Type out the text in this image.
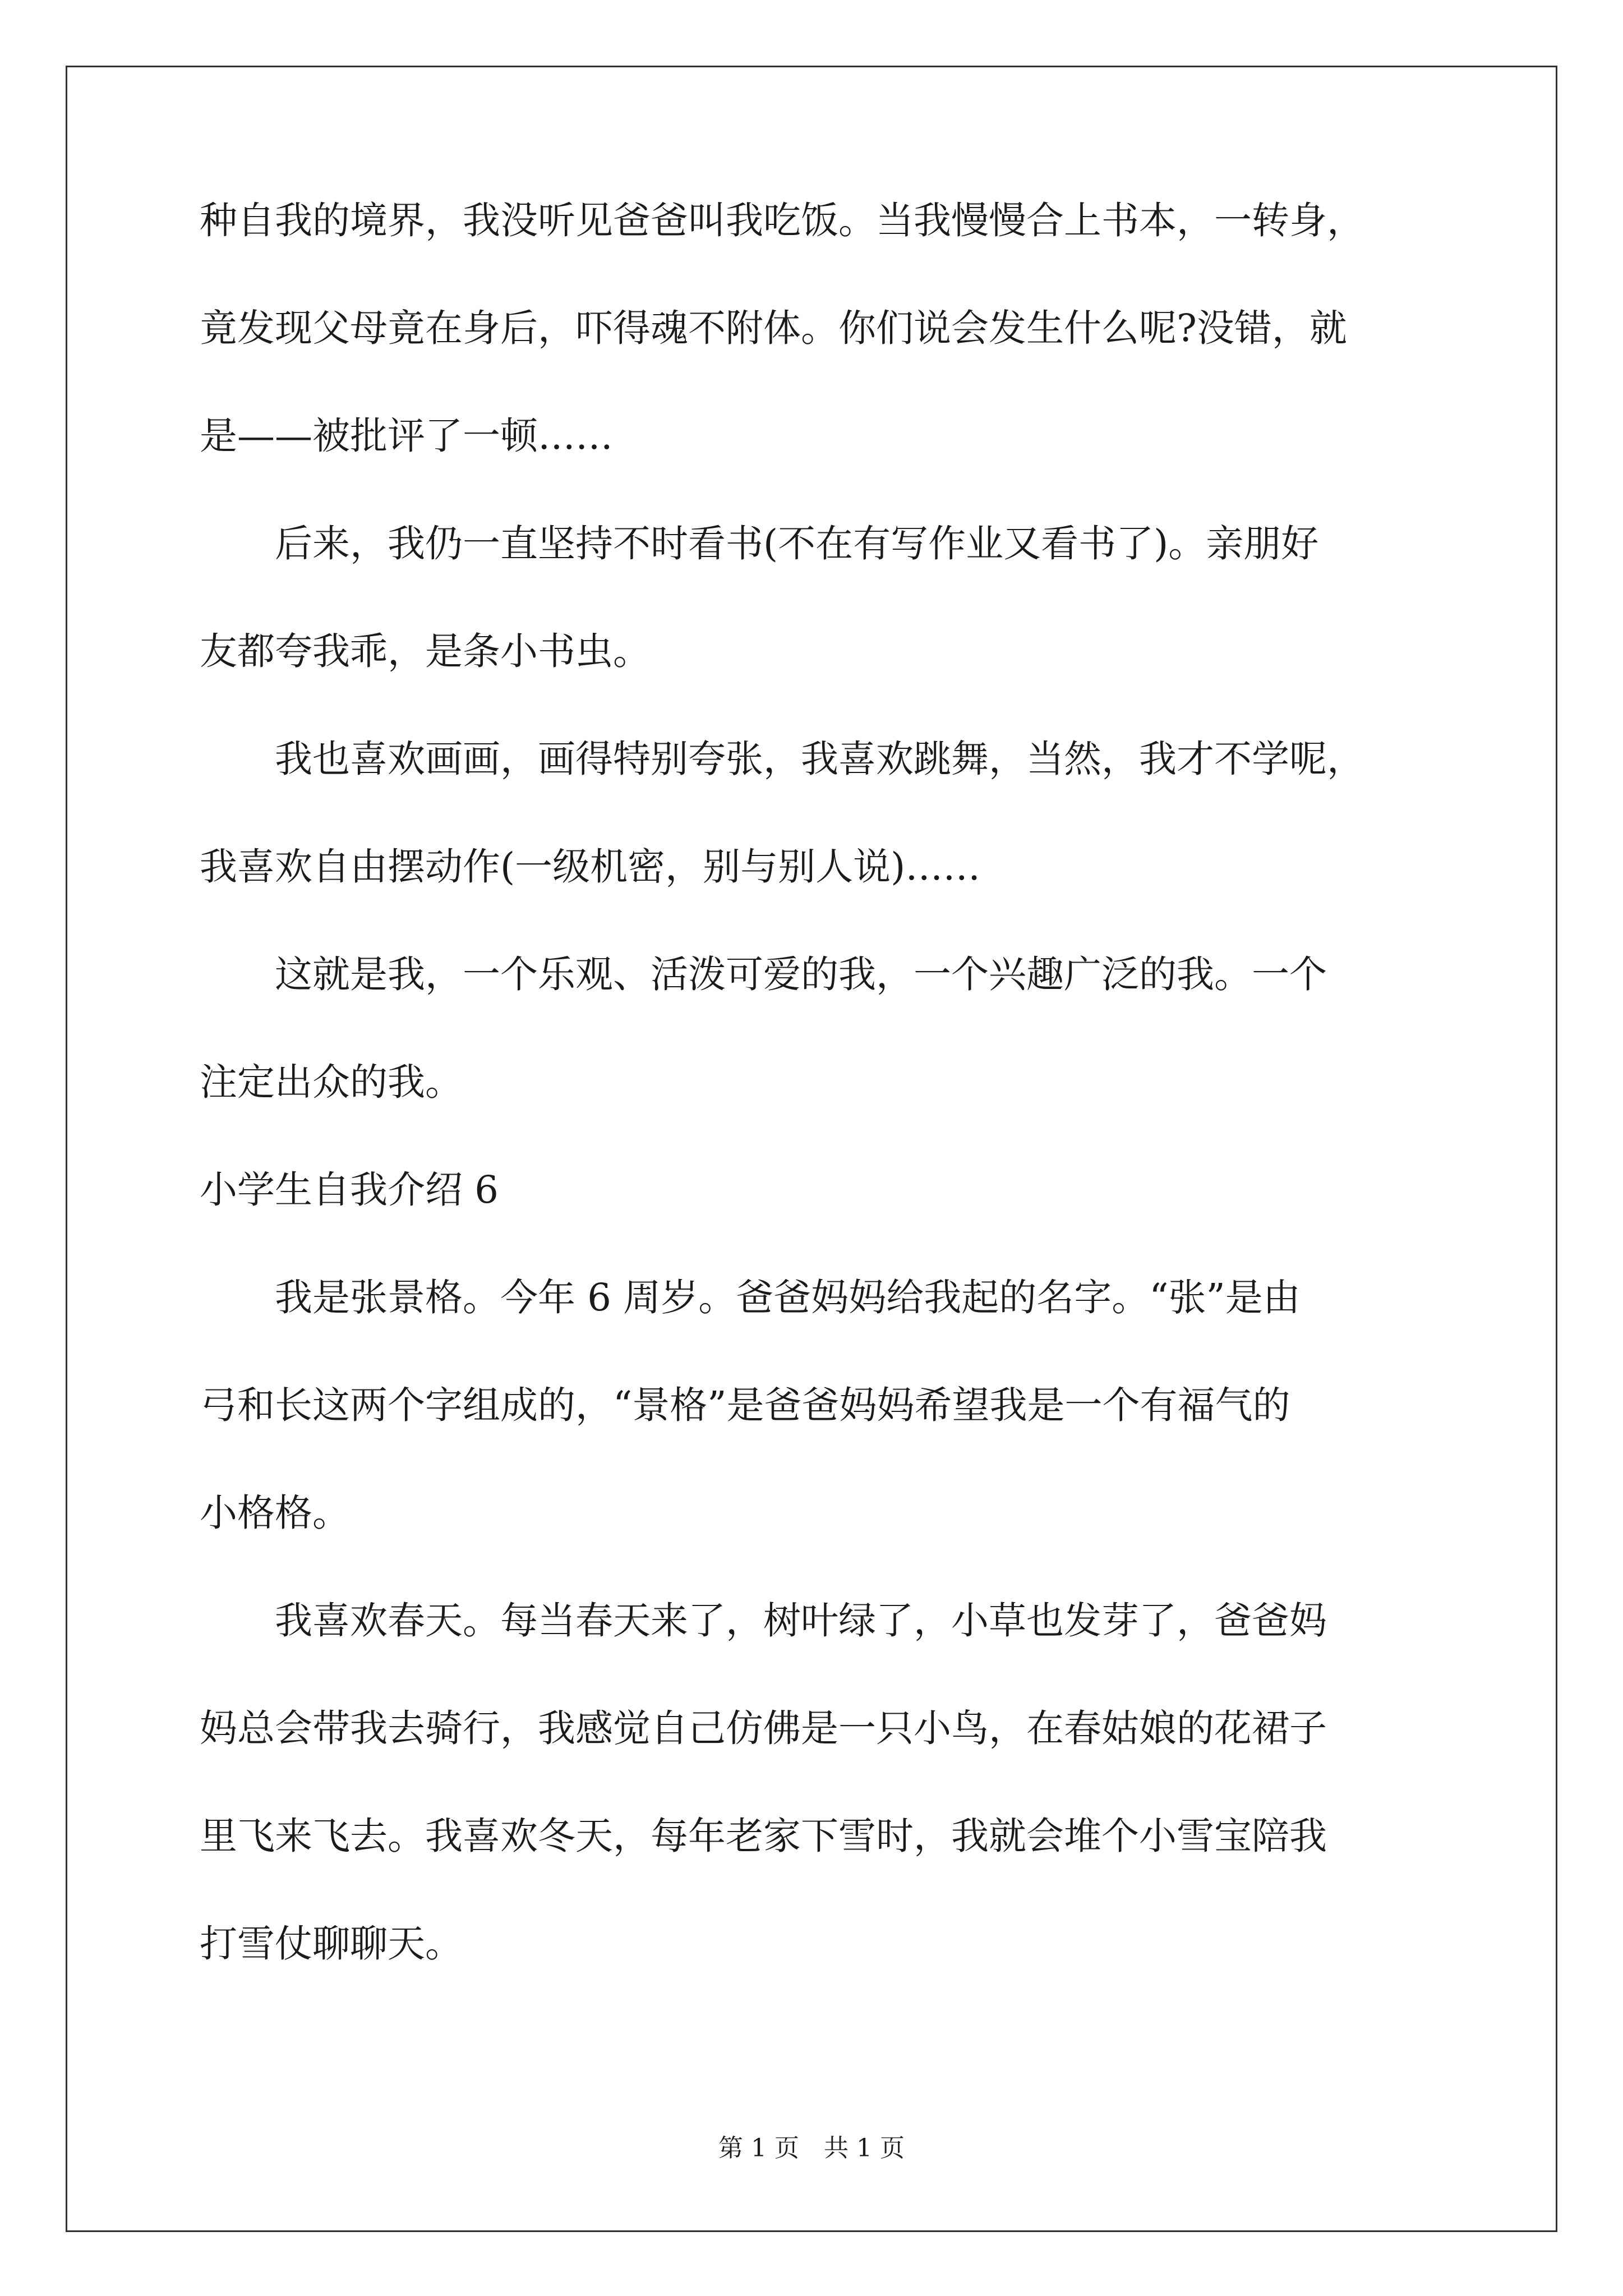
种自我的境界，我没听见爸爸叫我吃饭。当我慢慢合上书本，一转身，

竟发现父母竟在身后，吓得魂不附体。你们说会发生什么呢?没错，就

是——被批评了一顿……

　　后来，我仍一直坚持不时看书(不在有写作业又看书了)。亲朋好

友都夸我乖，是条小书虫。

　　我也喜欢画画，画得特别夸张，我喜欢跳舞，当然，我才不学呢，

我喜欢自由摆动作(一级机密，别与别人说)……

　　这就是我，一个乐观、活泼可爱的我，一个兴趣广泛的我。一个

注定出众的我。

小学生自我介绍 6

　　我是张景格。今年 6 周岁。爸爸妈妈给我起的名字。“张”是由

弓和长这两个字组成的，“景格”是爸爸妈妈希望我是一个有福气的

小格格。

　　我喜欢春天。每当春天来了，树叶绿了，小草也发芽了，爸爸妈

妈总会带我去骑行，我感觉自己仿佛是一只小鸟，在春姑娘的花裙子

里飞来飞去。我喜欢冬天，每年老家下雪时，我就会堆个小雪宝陪我

打雪仗聊聊天。

第 1 页　共 1 页
